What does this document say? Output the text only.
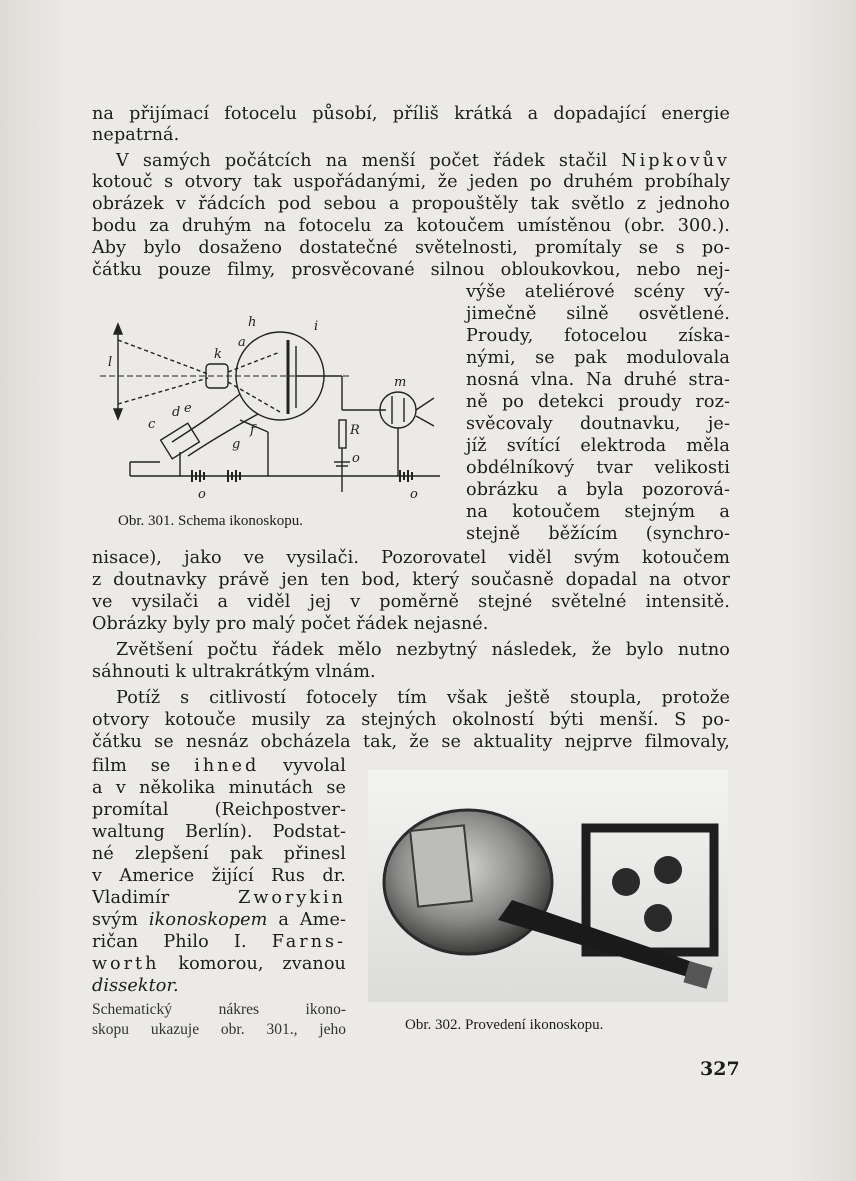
na přijímací fotocelu působí, příliš krátká a dopadající energie

nepatrná.

V samých počátcích na menší počet řádek stačil Nipkovův

kotouč s otvory tak uspořádanými, že jeden po druhém probíhaly

obrázek v řádcích pod sebou a propouštěly tak světlo z jednoho

bodu za druhým na fotocelu za kotoučem umístěnou (obr. 300.).

Aby bylo dosaženo dostatečné světelnosti, promítaly se s po-

čátku pouze filmy, prosvěcované silnou obloukovkou, nebo nej-

výše ateliérové scény vý-

jimečně silně osvětlené.

Proudy, fotocelou získa-

nými, se pak modulovala

nosná vlna. Na druhé stra-

ně po detekci proudy roz-

svěcovaly doutnavku, je-

jíž svítící elektroda měla

obdélníkový tvar velikosti

obrázku a byla pozorová-

na kotoučem stejným a

stejně běžícím (synchro-

h	i
a
k
l
c
e
d
g
f
m
R
o
o	o
Obr. 301. Schema ikonoskopu.

nisace), jako ve vysilači. Pozorovatel viděl svým kotoučem

z doutnavky právě jen ten bod, který současně dopadal na otvor

ve vysilači a viděl jej v poměrně stejné světelné intensitě.

Obrázky byly pro malý počet řádek nejasné.

Zvětšení počtu řádek mělo nezbytný následek, že bylo nutno

sáhnouti k ultrakrátkým vlnám.

Potíž s citlivostí fotocely tím však ještě stoupla, protože

otvory kotouče musily za stejných okolností býti menší. S po-

čátku se nesnáz obcházela tak, že se aktuality nejprve filmovaly,

film se ihned vyvolal

a v několika minutách se

promítal (Reichpostver-

waltung Berlín). Podstat-

né zlepšení pak přinesl

v Americe žijící Rus dr.

Vladimír Zworykin

svým ikonoskopem a Ame-

ričan Philo I. Farns-

worth komorou, zvanou

dissektor.

Schematický nákres ikono-
skopu ukazuje obr. 301., jeho	Obr. 302. Provedení ikonoskopu.
327
